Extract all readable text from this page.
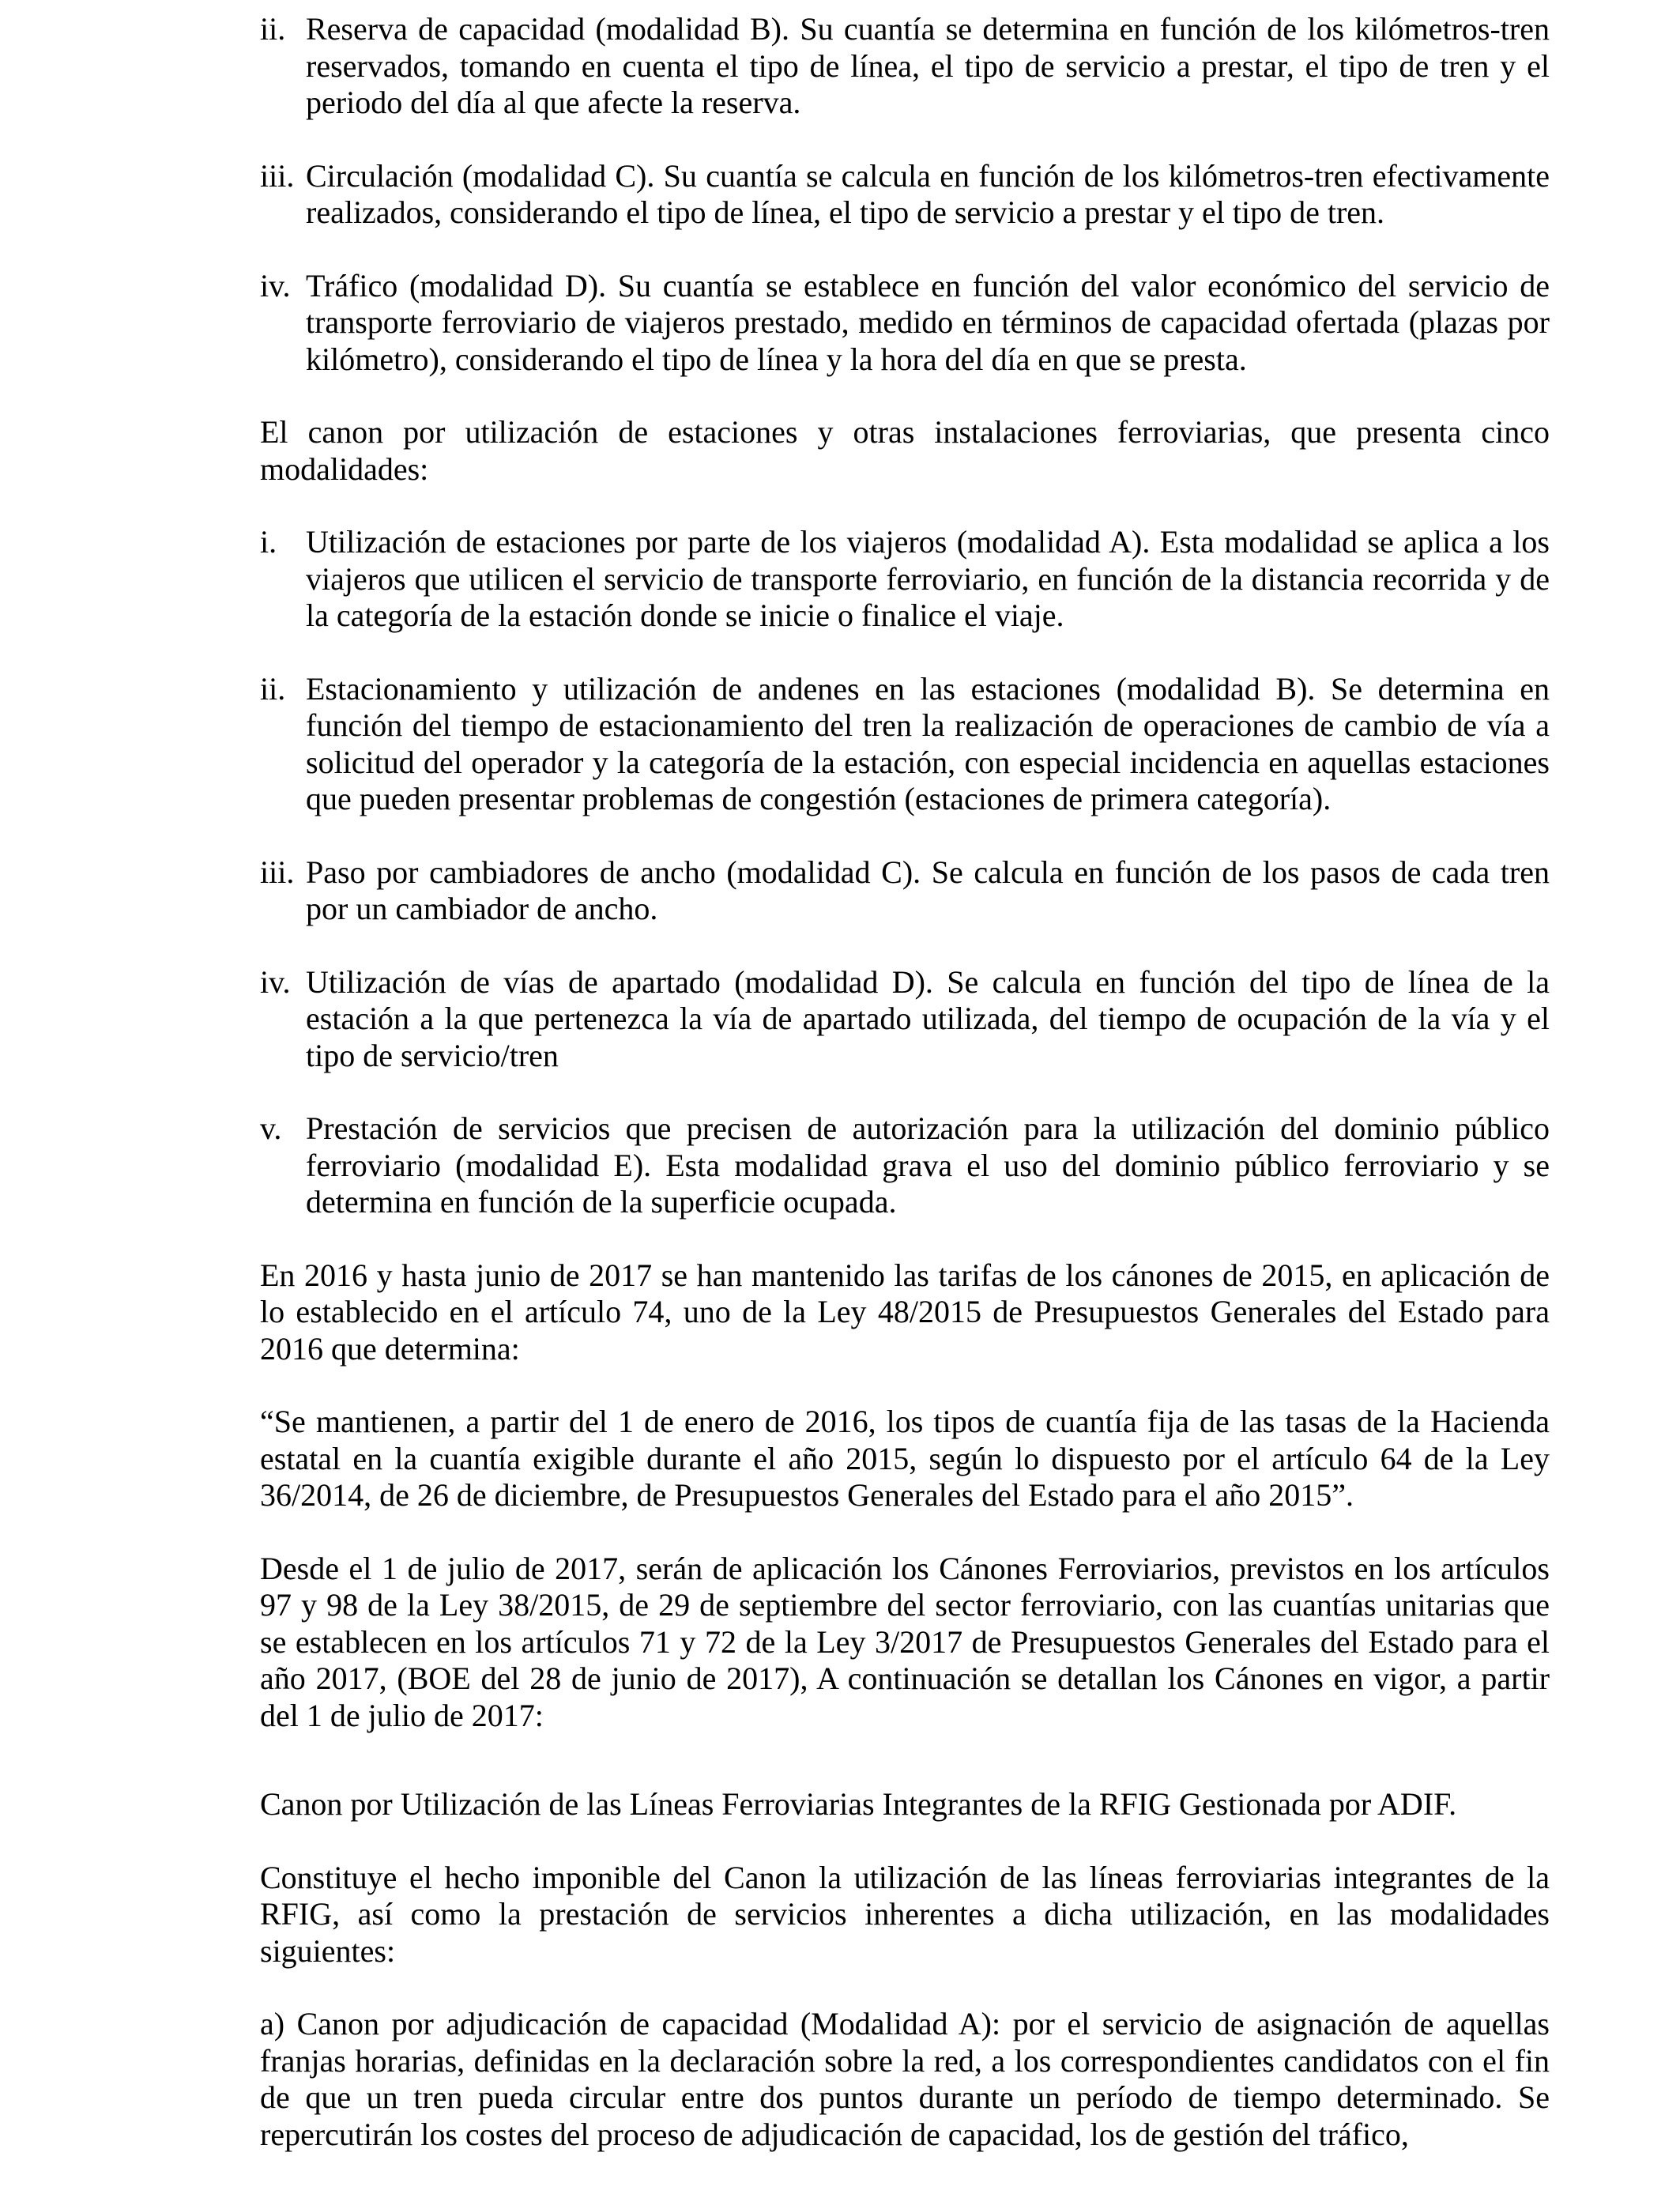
ii. Reserva de capacidad (modalidad B). Su cuantía se determina en función de los kilómetros-tren reservados, tomando en cuenta el tipo de línea, el tipo de servicio a prestar, el tipo de tren y el periodo del día al que afecte la reserva.
iii. Circulación (modalidad C). Su cuantía se calcula en función de los kilómetros-tren efectivamente realizados, considerando el tipo de línea, el tipo de servicio a prestar y el tipo de tren.
iv. Tráfico (modalidad D). Su cuantía se establece en función del valor económico del servicio de transporte ferroviario de viajeros prestado, medido en términos de capacidad ofertada (plazas por kilómetro), considerando el tipo de línea y la hora del día en que se presta.

El canon por utilización de estaciones y otras instalaciones ferroviarias, que presenta cinco modalidades:

i. Utilización de estaciones por parte de los viajeros (modalidad A). Esta modalidad se aplica a los viajeros que utilicen el servicio de transporte ferroviario, en función de la distancia recorrida y de la categoría de la estación donde se inicie o finalice el viaje.
ii. Estacionamiento y utilización de andenes en las estaciones (modalidad B). Se determina en función del tiempo de estacionamiento del tren la realización de operaciones de cambio de vía a solicitud del operador y la categoría de la estación, con especial incidencia en aquellas estaciones que pueden presentar problemas de congestión (estaciones de primera categoría).
iii. Paso por cambiadores de ancho (modalidad C). Se calcula en función de los pasos de cada tren por un cambiador de ancho.
iv. Utilización de vías de apartado (modalidad D). Se calcula en función del tipo de línea de la estación a la que pertenezca la vía de apartado utilizada, del tiempo de ocupación de la vía y el tipo de servicio/tren
v. Prestación de servicios que precisen de autorización para la utilización del dominio público ferroviario (modalidad E). Esta modalidad grava el uso del dominio público ferroviario y se determina en función de la superficie ocupada.

En 2016 y hasta junio de 2017 se han mantenido las tarifas de los cánones de 2015, en aplicación de lo establecido en el artículo 74, uno de la Ley 48/2015 de Presupuestos Generales del Estado para 2016 que determina:

“Se mantienen, a partir del 1 de enero de 2016, los tipos de cuantía fija de las tasas de la Hacienda estatal en la cuantía exigible durante el año 2015, según lo dispuesto por el artículo 64 de la Ley 36/2014, de 26 de diciembre, de Presupuestos Generales del Estado para el año 2015”.

Desde el 1 de julio de 2017, serán de aplicación los Cánones Ferroviarios, previstos en los artículos 97 y 98 de la Ley 38/2015, de 29 de septiembre del sector ferroviario, con las cuantías unitarias que se establecen en los artículos 71 y 72 de la Ley 3/2017 de Presupuestos Generales del Estado para el año 2017, (BOE del 28 de junio de 2017), A continuación se detallan los Cánones en vigor, a partir del 1 de julio de 2017:

Canon por Utilización de las Líneas Ferroviarias Integrantes de la RFIG Gestionada por ADIF.

Constituye el hecho imponible del Canon la utilización de las líneas ferroviarias integrantes de la RFIG, así como la prestación de servicios inherentes a dicha utilización, en las modalidades siguientes:

a) Canon por adjudicación de capacidad (Modalidad A): por el servicio de asignación de aquellas franjas horarias, definidas en la declaración sobre la red, a los correspondientes candidatos con el fin de que un tren pueda circular entre dos puntos durante un período de tiempo determinado. Se repercutirán los costes del proceso de adjudicación de capacidad, los de gestión del tráfico,
